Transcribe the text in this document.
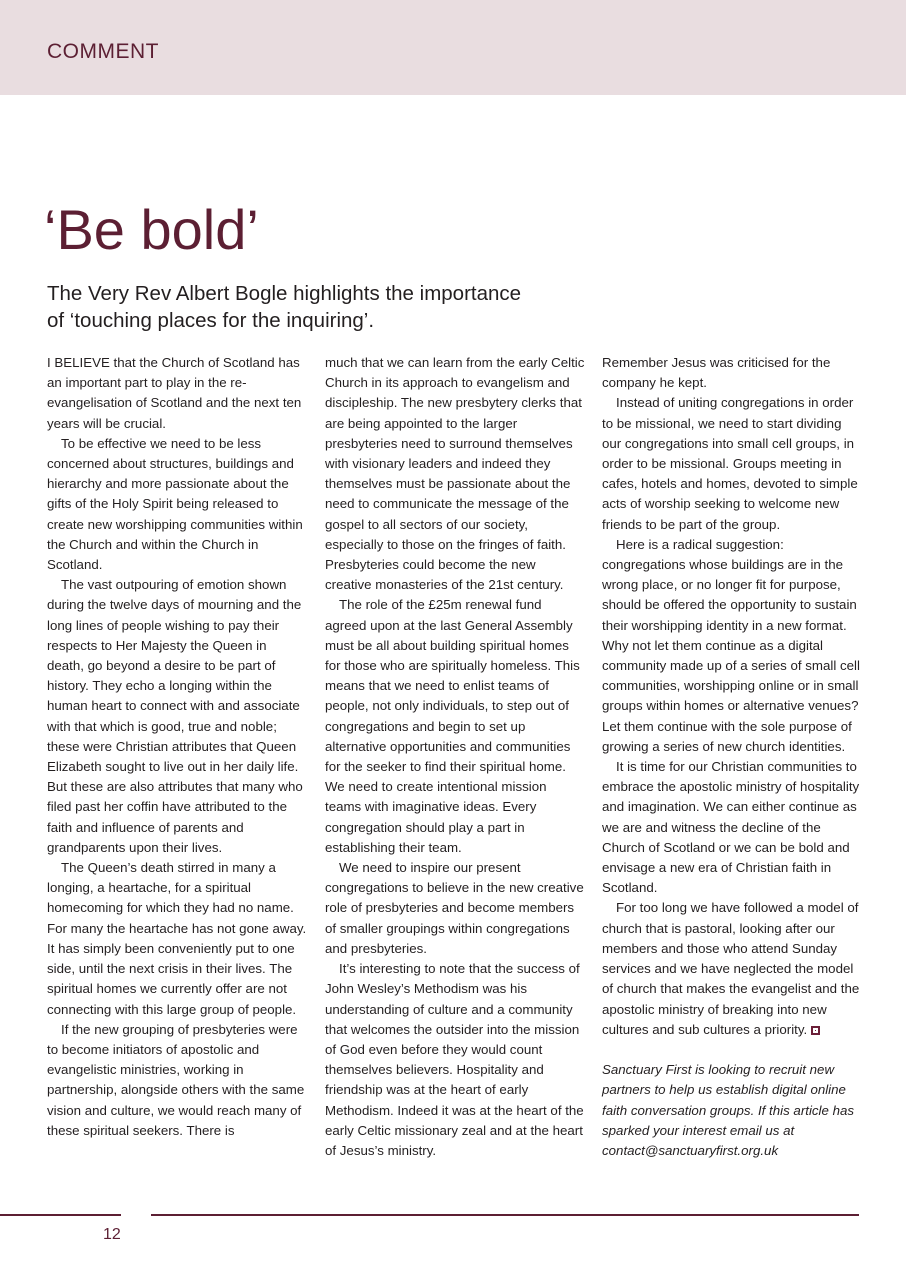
COMMENT
‘Be bold’
The Very Rev Albert Bogle highlights the importance
of ‘touching places for the inquiring’.

I BELIEVE that the Church of Scotland has an important part to play in the re-evangelisation of Scotland and the next ten years will be crucial.

To be effective we need to be less concerned about structures, buildings and hierarchy and more passionate about the gifts of the Holy Spirit being released to create new worshipping communities within the Church and within the Church in Scotland.

The vast outpouring of emotion shown during the twelve days of mourning and the long lines of people wishing to pay their respects to Her Majesty the Queen in death, go beyond a desire to be part of history. They echo a longing within the human heart to connect with and associate with that which is good, true and noble; these were Christian attributes that Queen Elizabeth sought to live out in her daily life. But these are also attributes that many who filed past her coffin have attributed to the faith and influence of parents and grandparents upon their lives.

The Queen’s death stirred in many a longing, a heartache, for a spiritual homecoming for which they had no name. For many the heartache has not gone away. It has simply been conveniently put to one side, until the next crisis in their lives. The spiritual homes we currently offer are not connecting with this large group of people.

If the new grouping of presbyteries were to become initiators of apostolic and evangelistic ministries, working in partnership, alongside others with the same vision and culture, we would reach many of these spiritual seekers. There is

much that we can learn from the early Celtic Church in its approach to evangelism and discipleship. The new presbytery clerks that are being appointed to the larger presbyteries need to surround themselves with visionary leaders and indeed they themselves must be passionate about the need to communicate the message of the gospel to all sectors of our society, especially to those on the fringes of faith. Presbyteries could become the new creative monasteries of the 21st century.

The role of the £25m renewal fund agreed upon at the last General Assembly must be all about building spiritual homes for those who are spiritually homeless. This means that we need to enlist teams of people, not only individuals, to step out of congregations and begin to set up alternative opportunities and communities for the seeker to find their spiritual home. We need to create intentional mission teams with imaginative ideas. Every congregation should play a part in establishing their team.

We need to inspire our present congregations to believe in the new creative role of presbyteries and become members of smaller groupings within congregations and presbyteries.

It’s interesting to note that the success of John Wesley’s Methodism was his understanding of culture and a community that welcomes the outsider into the mission of God even before they would count themselves believers. Hospitality and friendship was at the heart of early Methodism. Indeed it was at the heart of the early Celtic missionary zeal and at the heart of Jesus’s ministry.

Remember Jesus was criticised for the company he kept.

Instead of uniting congregations in order to be missional, we need to start dividing our congregations into small cell groups, in order to be missional. Groups meeting in cafes, hotels and homes, devoted to simple acts of worship seeking to welcome new friends to be part of the group.

Here is a radical suggestion: congregations whose buildings are in the wrong place, or no longer fit for purpose, should be offered the opportunity to sustain their worshipping identity in a new format. Why not let them continue as a digital community made up of a series of small cell communities, worshipping online or in small groups within homes or alternative venues? Let them continue with the sole purpose of growing a series of new church identities.

It is time for our Christian communities to embrace the apostolic ministry of hospitality and imagination. We can either continue as we are and witness the decline of the Church of Scotland or we can be bold and envisage a new era of Christian faith in Scotland.

For too long we have followed a model of church that is pastoral, looking after our members and those who attend Sunday services and we have neglected the model of church that makes the evangelist and the apostolic ministry of breaking into new cultures and sub cultures a priority.

Sanctuary First is looking to recruit new partners to help us establish digital online faith conversation groups. If this article has sparked your interest email us at contact@sanctuaryfirst.org.uk

12
